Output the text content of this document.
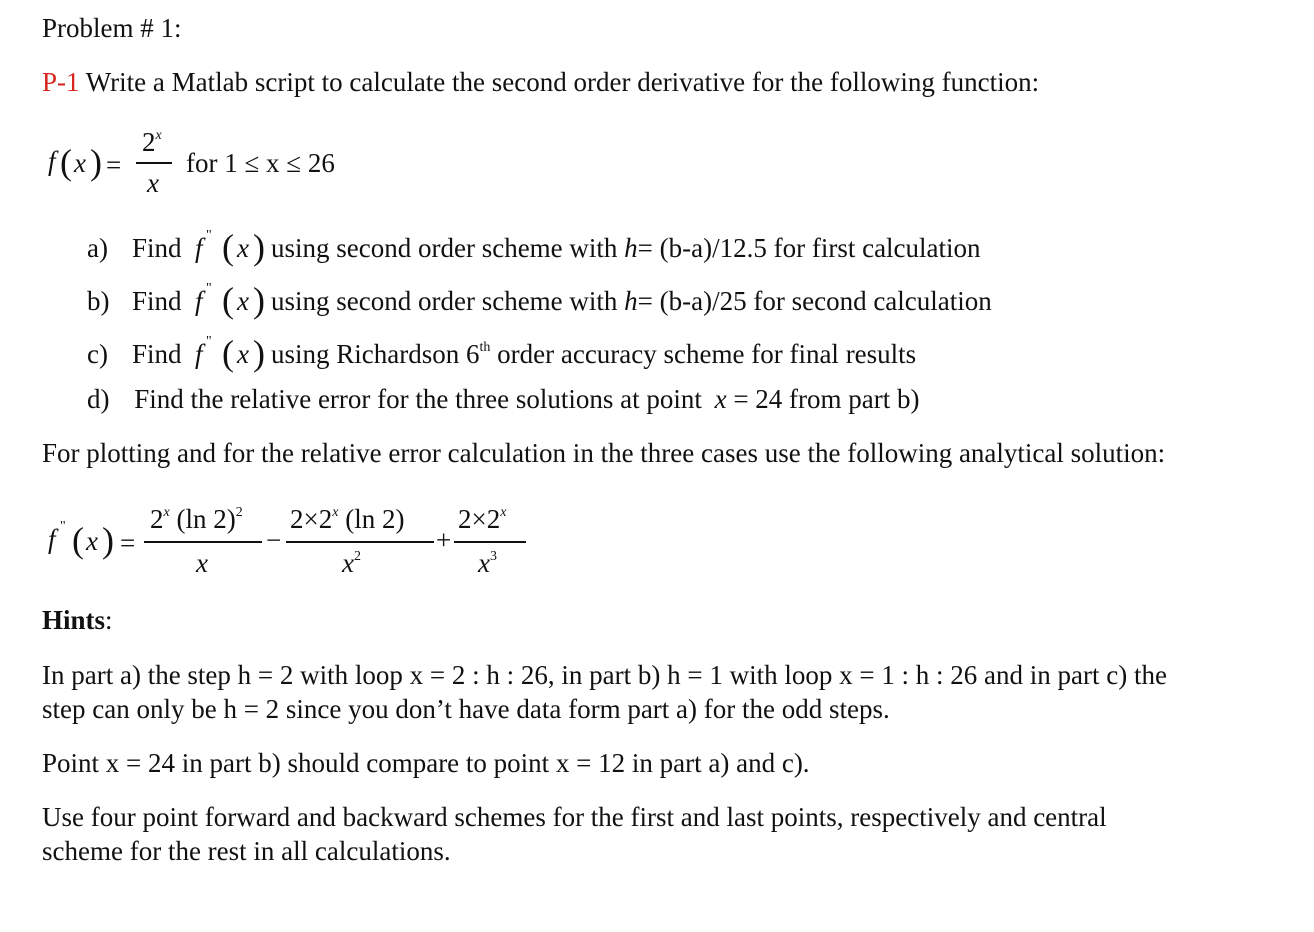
Problem # 1:
P-1 Write a Matlab script to calculate the second order derivative for the following function:
f ( x ) =
$2^x$
x
for 1 ≤ x ≤ 26
a) Find f " ( x ) using second order scheme with h= (b-a)/12.5 for first calculation
b) Find f " ( x ) using second order scheme with h= (b-a)/25 for second calculation
c) Find f " ( x ) using Richardson 6th order accuracy scheme for final results
d) Find the relative error for the three solutions at point x = 24 from part b)
For plotting and for the relative error calculation in the three cases use the following analytical solution:
f " ( x ) =
$2^x$ (ln 2)$^2$
x
−
$2\times 2^x$ (ln 2)
$x^2$
+
$2\times 2^x$
$x^3$
Hints:
In part a) the step h = 2 with loop x = 2 : h : 26, in part b) h = 1 with loop x = 1 : h : 26 and in part c) the
step can only be h = 2 since you don’t have data form part a) for the odd steps.
Point x = 24 in part b) should compare to point x = 12 in part a) and c).
Use four point forward and backward schemes for the first and last points, respectively and central
scheme for the rest in all calculations.
